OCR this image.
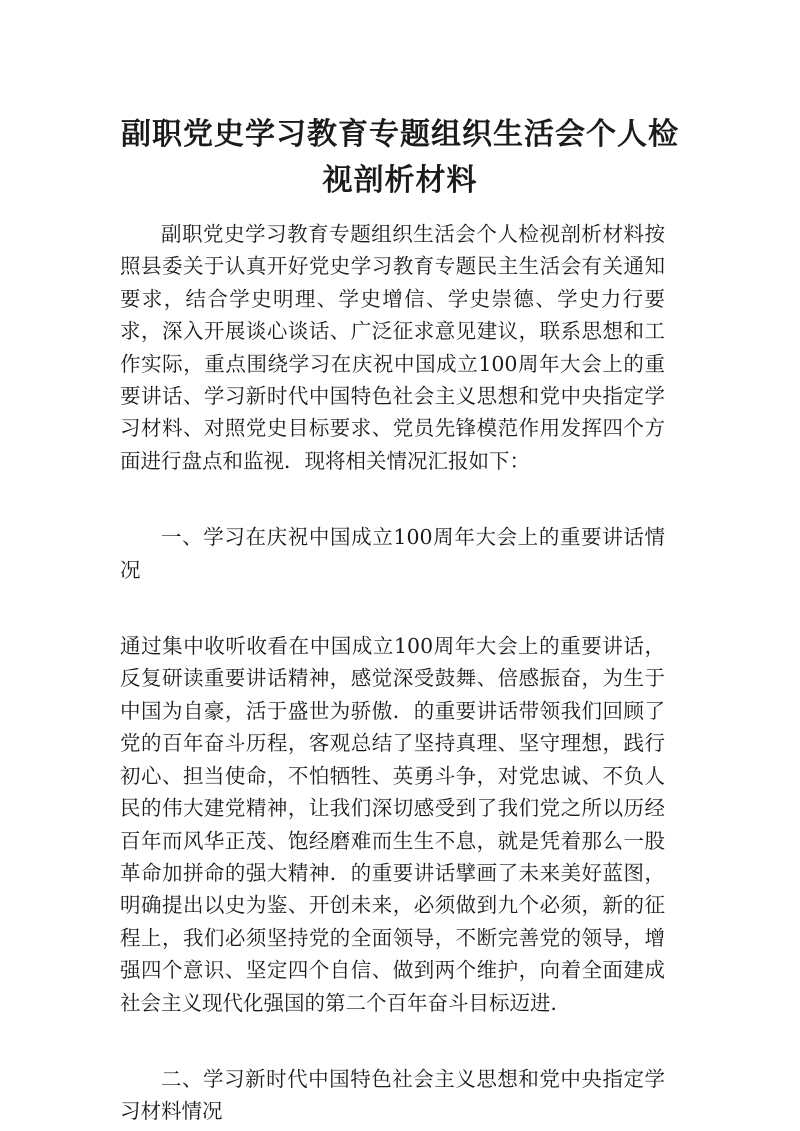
副职党史学习教育专题组织生活会个人检视剖析材料

副职党史学习教育专题组织生活会个人检视剖析材料按照县委关于认真开好党史学习教育专题民主生活会有关通知要求，结合学史明理、学史增信、学史崇德、学史力行要求，深入开展谈心谈话、广泛征求意见建议，联系思想和工作实际，重点围绕学习在庆祝中国成立100周年大会上的重要讲话、学习新时代中国特色社会主义思想和党中央指定学习材料、对照党史目标要求、党员先锋模范作用发挥四个方面进行盘点和监视．现将相关情况汇报如下：

一、学习在庆祝中国成立100周年大会上的重要讲话情况

通过集中收听收看在中国成立100周年大会上的重要讲话，反复研读重要讲话精神，感觉深受鼓舞、倍感振奋，为生于中国为自豪，活于盛世为骄傲．的重要讲话带领我们回顾了党的百年奋斗历程，客观总结了坚持真理、坚守理想，践行初心、担当使命，不怕牺牲、英勇斗争，对党忠诚、不负人民的伟大建党精神，让我们深切感受到了我们党之所以历经百年而风华正茂、饱经磨难而生生不息，就是凭着那么一股革命加拼命的强大精神．的重要讲话擘画了未来美好蓝图，明确提出以史为鉴、开创未来，必须做到九个必须，新的征程上，我们必须坚持党的全面领导，不断完善党的领导，增强四个意识、坚定四个自信、做到两个维护，向着全面建成社会主义现代化强国的第二个百年奋斗目标迈进．

二、学习新时代中国特色社会主义思想和党中央指定学习材料情况
